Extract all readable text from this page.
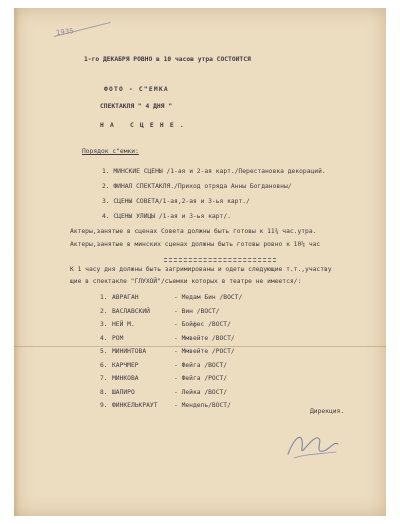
1935
1-го ДЕКАБРЯ РОВНО в 10 часов утра СОСТОИТСЯ
ФОТО - С"ЕМКА
СПЕКТАКЛЯ " 4 ДНЯ "
Н А   С Ц Е Н Е .
Порядок с"емки:
1. МИНСКИЕ СЦЕНЫ /1-ая и 2-ая карт./Перестановка декораций.
2. ФИНАЛ СПЕКТАКЛЯ./Приход отряда Анны Богдановны/
3. СЦЕНЫ СОВЕТА/1-ая,2-ая и 3-ья карт./
4. СЦЕНЫ УЛИЦЫ /1-ая и 3-ья карт/.
Актеры,занятые в сценах Совета должны быть готовы к 11¾ час.утра.
Актеры,занятые в минских сценах должны быть готовы ровно к 10¼ час
К 1 часу дня должны быть загримированы и одеты следующие т.т.,участву
щие в спектакле "ГЛУХОЙ"/съемки которых в театре не имеется/:
1. АВРАГАН	- Медам Бин /ВОСТ/
2. ВАСЛАВСКИЙ	- Вин /ВОСТ/
3. НЕЙ М.	- Бойфес /ВОСТ/
4. РОМ	- Ммвейте /ВОСТ/
5. МИНИНТОВА	- Ммвейте /РОСТ/
6. КАРЧМЕР	- Фейга /ВОСТ/
7. МИНКОВА	- Фейга /РОСТ/
8. ШАПИРО	- Лейка /ВОСТ/
9. ФИНКЕЛЬКРАУТ	- Мендель/ВОСТ/
Дирекция.
